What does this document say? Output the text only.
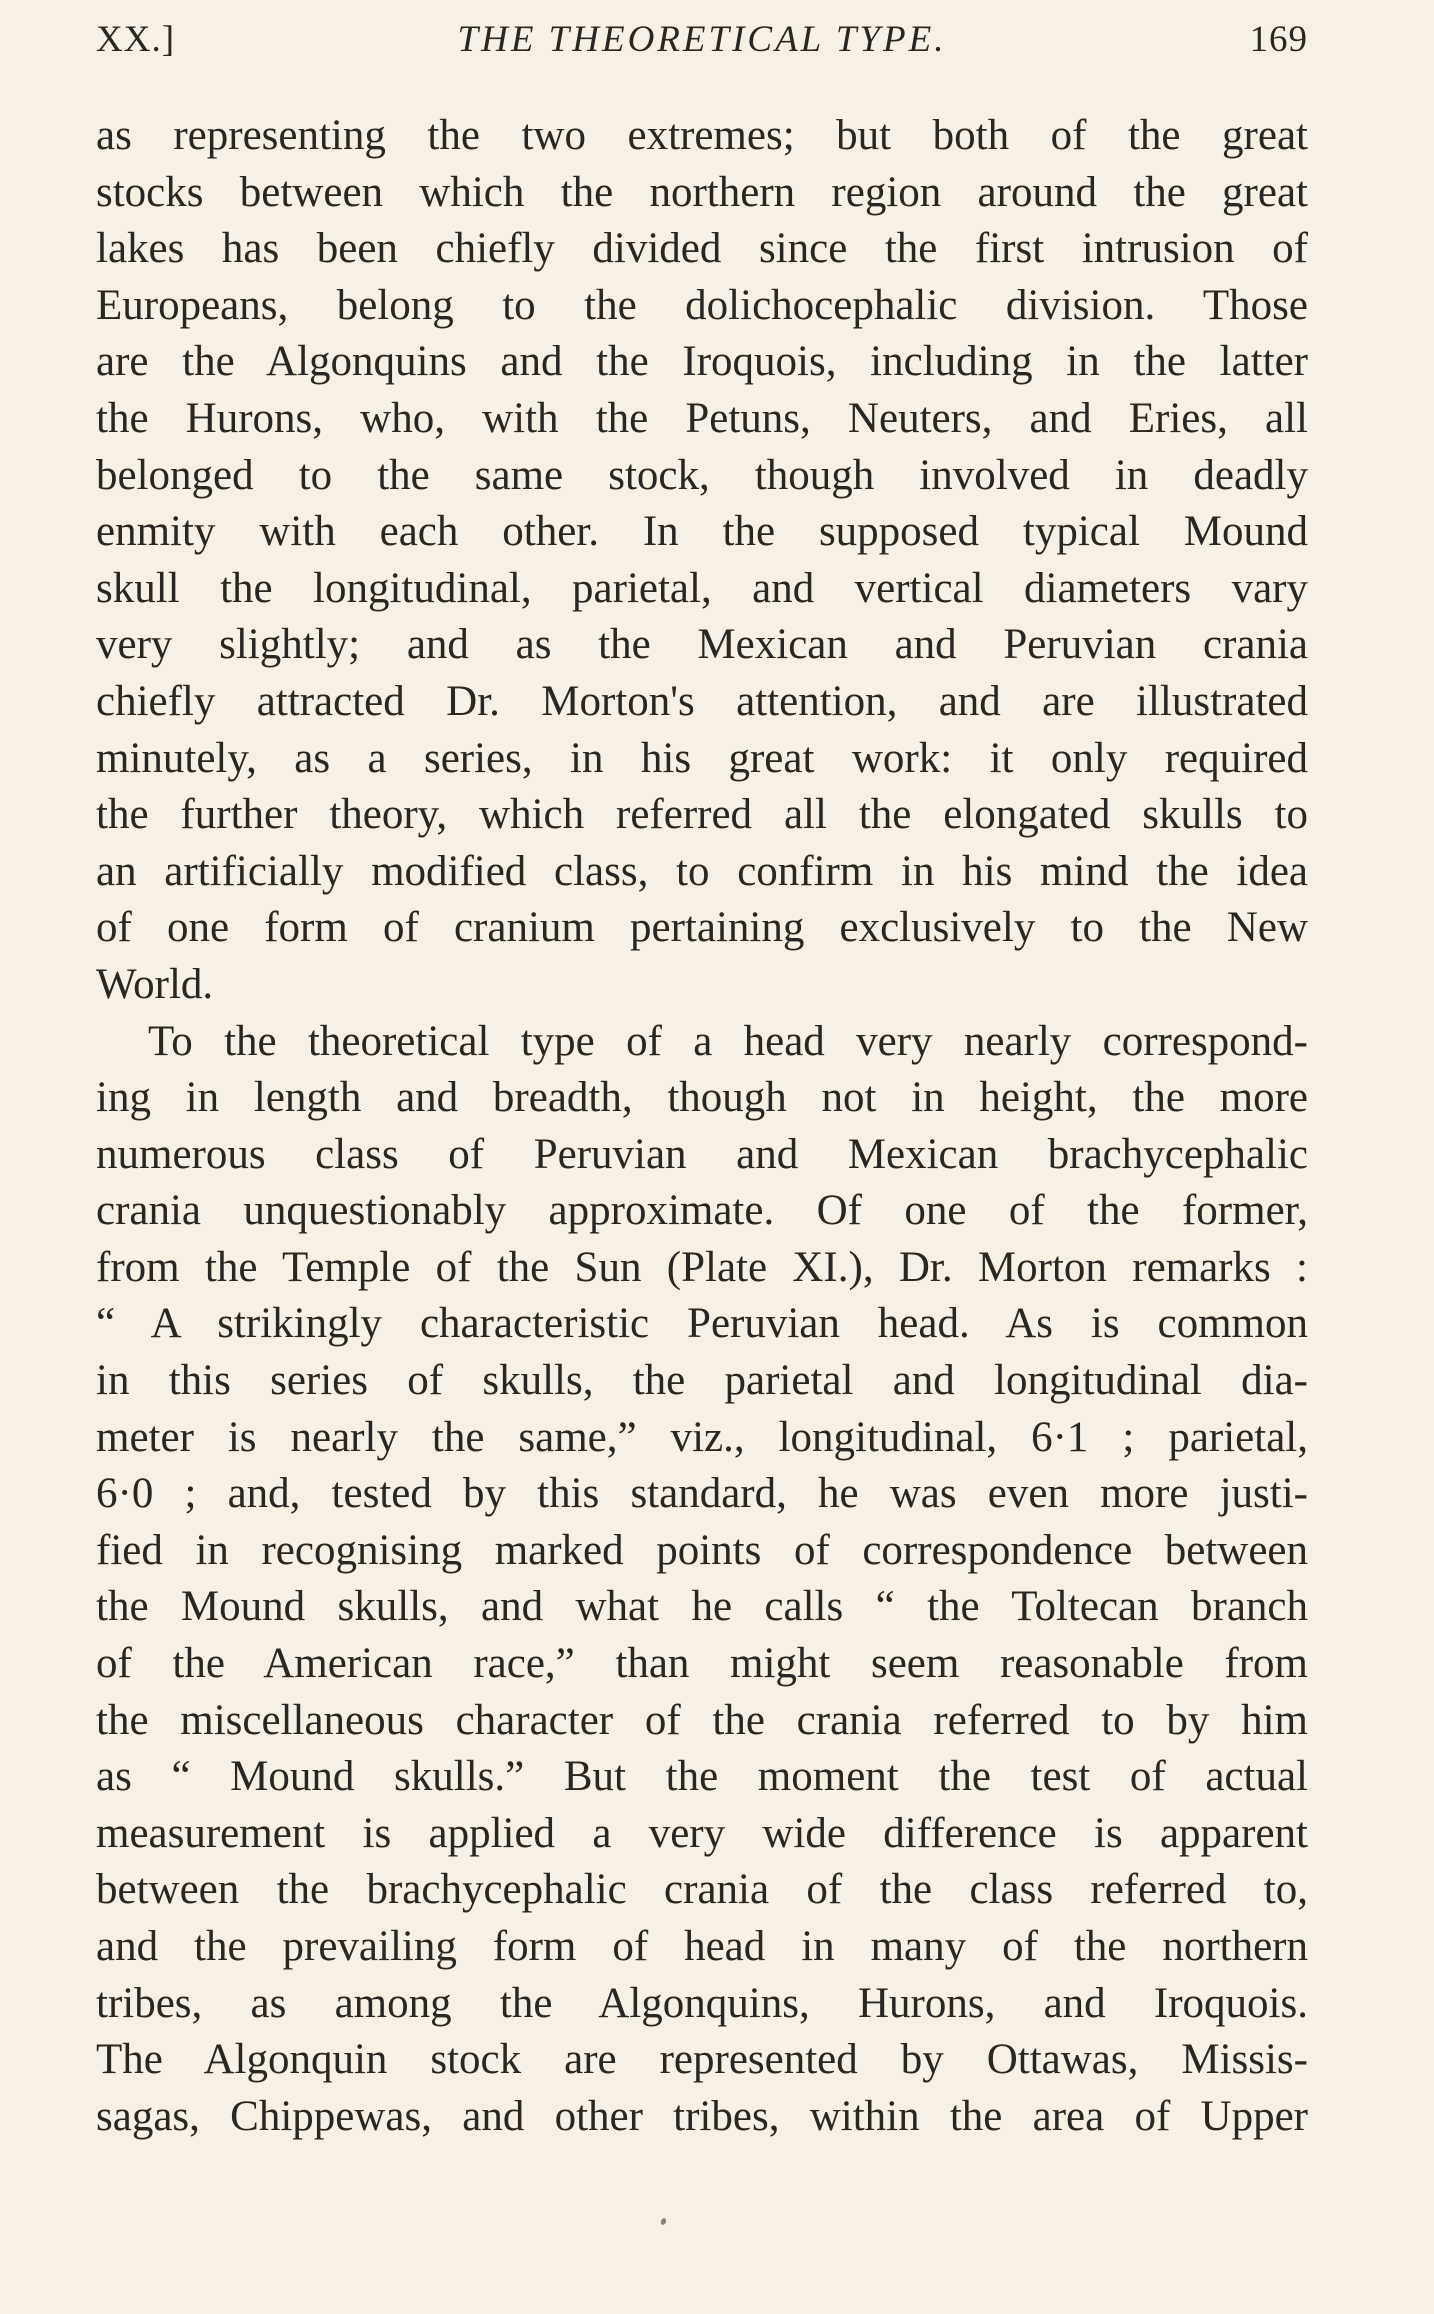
XX.]	THE THEORETICAL TYPE.	169
as representing the two extremes; but both of the great
stocks between which the northern region around the great
lakes has been chiefly divided since the first intrusion of
Europeans, belong to the dolichocephalic division. Those
are the Algonquins and the Iroquois, including in the latter
the Hurons, who, with the Petuns, Neuters, and Eries, all
belonged to the same stock, though involved in deadly
enmity with each other. In the supposed typical Mound
skull the longitudinal, parietal, and vertical diameters vary
very slightly; and as the Mexican and Peruvian crania
chiefly attracted Dr. Morton's attention, and are illustrated
minutely, as a series, in his great work: it only required
the further theory, which referred all the elongated skulls to
an artificially modified class, to confirm in his mind the idea
of one form of cranium pertaining exclusively to the New
World.
To the theoretical type of a head very nearly correspond-
ing in length and breadth, though not in height, the more
numerous class of Peruvian and Mexican brachycephalic
crania unquestionably approximate. Of one of the former,
from the Temple of the Sun (Plate XI.), Dr. Morton remarks :
“ A strikingly characteristic Peruvian head. As is common
in this series of skulls, the parietal and longitudinal dia-
meter is nearly the same,” viz., longitudinal, 6·1 ; parietal,
6·0 ; and, tested by this standard, he was even more justi-
fied in recognising marked points of correspondence between
the Mound skulls, and what he calls “ the Toltecan branch
of the American race,” than might seem reasonable from
the miscellaneous character of the crania referred to by him
as “ Mound skulls.” But the moment the test of actual
measurement is applied a very wide difference is apparent
between the brachycephalic crania of the class referred to,
and the prevailing form of head in many of the northern
tribes, as among the Algonquins, Hurons, and Iroquois.
The Algonquin stock are represented by Ottawas, Missis-
sagas, Chippewas, and other tribes, within the area of Upper
